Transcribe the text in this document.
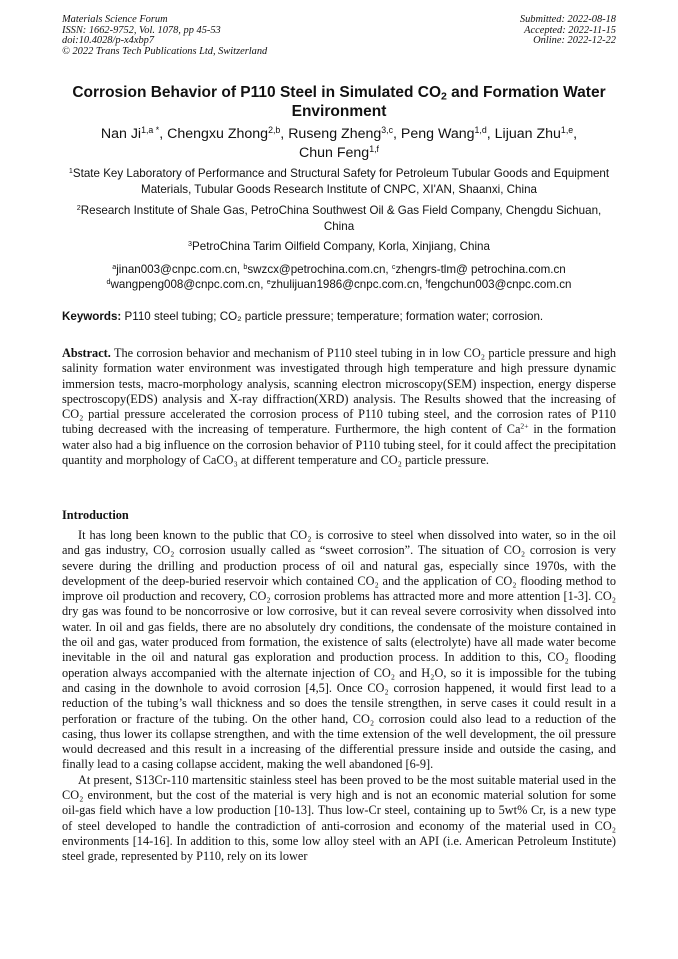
Materials Science Forum
ISSN: 1662-9752, Vol. 1078, pp 45-53
doi:10.4028/p-x4xbp7
© 2022 Trans Tech Publications Ltd, Switzerland
Submitted: 2022-08-18
Accepted: 2022-11-15
Online: 2022-12-22
Corrosion Behavior of P110 Steel in Simulated $CO_2$ and Formation Water Environment
Nan $Ji^{1,a *}$, Chengxu Zhong$^{2,b}$, Ruseng Zheng$^{3,c}$, Peng Wang$^{1,d}$, Lijuan Zhu$^{1,e}$,
Chun Feng$^{1,f}$
$^1$State Key Laboratory of Performance and Structural Safety for Petroleum Tubular Goods and Equipment Materials, Tubular Goods Research Institute of CNPC, XI'AN, Shaanxi, China
$^2$Research Institute of Shale Gas, PetroChina Southwest Oil & Gas Field Company, Chengdu Sichuan, China
$^3$PetroChina Tarim Oilfield Company, Korla, Xinjiang, China
$^a$jinan003@cnpc.com.cn, $^b$swzcx@petrochina.com.cn, $^c$zhengrs-tlm@ petrochina.com.cn
$^d$wangpeng008@cnpc.com.cn, $^e$zhulijuan1986@cnpc.com.cn, $^f$fengchun003@cnpc.com.cn
Keywords: P110 steel tubing; CO₂ particle pressure; temperature; formation water; corrosion.
Abstract. The corrosion behavior and mechanism of P110 steel tubing in in low CO₂ particle pressure and high salinity formation water environment was investigated through high temperature and high pressure dynamic immersion tests, macro-morphology analysis, scanning electron microscopy(SEM) inspection, energy disperse spectroscopy(EDS) analysis and X-ray diffraction(XRD) analysis. The Results showed that the increasing of CO₂ partial pressure accelerated the corrosion process of P110 tubing steel, and the corrosion rates of P110 tubing decreased with the increasing of temperature. Furthermore, the high content of $Ca^{2+}$ in the formation water also had a big influence on the corrosion behavior of P110 tubing steel, for it could affect the precipitation quantity and morphology of CaCO₃ at different temperature and CO₂ particle pressure.
Introduction

It has long been known to the public that CO₂ is corrosive to steel when dissolved into water, so in the oil and gas industry, CO₂ corrosion usually called as “sweet corrosion”. The situation of CO₂ corrosion is very severe during the drilling and production process of oil and natural gas, especially since 1970s, with the development of the deep-buried reservoir which contained CO₂ and the application of CO₂ flooding method to improve oil production and recovery, CO₂ corrosion problems has attracted more and more attention [1-3]. CO₂ dry gas was found to be noncorrosive or low corrosive, but it can reveal severe corrosivity when dissolved into water. In oil and gas fields, there are no absolutely dry conditions, the condensate of the moisture contained in the oil and gas, water produced from formation, the existence of salts (electrolyte) have all made water become inevitable in the oil and natural gas exploration and production process. In addition to this, CO₂ flooding operation always accompanied with the alternate injection of CO₂ and H₂O, so it is impossible for the tubing and casing in the downhole to avoid corrosion [4,5]. Once CO₂ corrosion happened, it would first lead to a reduction of the tubing’s wall thickness and so does the tensile strengthen, in serve cases it could result in a perforation or fracture of the tubing. On the other hand, CO₂ corrosion could also lead to a reduction of the casing, thus lower its collapse strengthen, and with the time extension of the well development, the oil pressure would decreased and this result in a increasing of the differential pressure inside and outside the casing, and finally lead to a casing collapse accident, making the well abandoned [6-9].

At present, S13Cr-110 martensitic stainless steel has been proved to be the most suitable material used in the CO₂ environment, but the cost of the material is very high and is not an economic material solution for some oil-gas field which have a low production [10-13]. Thus low-Cr steel, containing up to 5wt% Cr, is a new type of steel developed to handle the contradiction of anti-corrosion and economy of the material used in CO₂ environments [14-16]. In addition to this, some low alloy steel with an API (i.e. American Petroleum Institute) steel grade, represented by P110, rely on its lower
